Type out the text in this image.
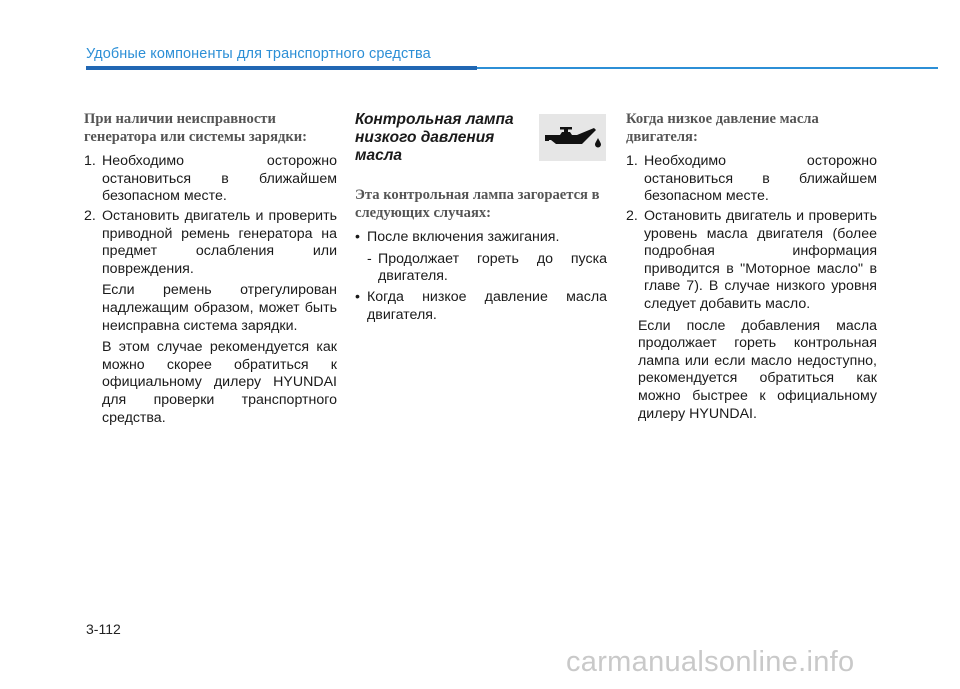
Удобные компоненты для транспортного средства

При наличии неисправности генератора или системы зарядки:

1. Необходимо осторожно остановиться в ближайшем безопасном месте.
2. Остановить двигатель и проверить приводной ремень генератора на предмет ослабления или повреждения.

Если ремень отрегулирован надлежащим образом, может быть неисправна система зарядки.

В этом случае рекомендуется как можно скорее обратиться к официальному дилеру HYUNDAI для проверки транспортного средства.

Контрольная лампа низкого давления масла

Эта контрольная лампа загорается в следующих случаях:

• После включения зажигания.
- Продолжает гореть до пуска двигателя.
• Когда низкое давление масла двигателя.

Когда низкое давление масла двигателя:

1. Необходимо осторожно остановиться в ближайшем безопасном месте.
2. Остановить двигатель и проверить уровень масла двигателя (более подробная информация приводится в "Моторное масло" в главе 7). В случае низкого уровня следует добавить масло.

Если после добавления масла продолжает гореть контрольная лампа или если масло недоступно, рекомендуется обратиться как можно быстрее к официальному дилеру HYUNDAI.

3-112
carmanualsonline.info
